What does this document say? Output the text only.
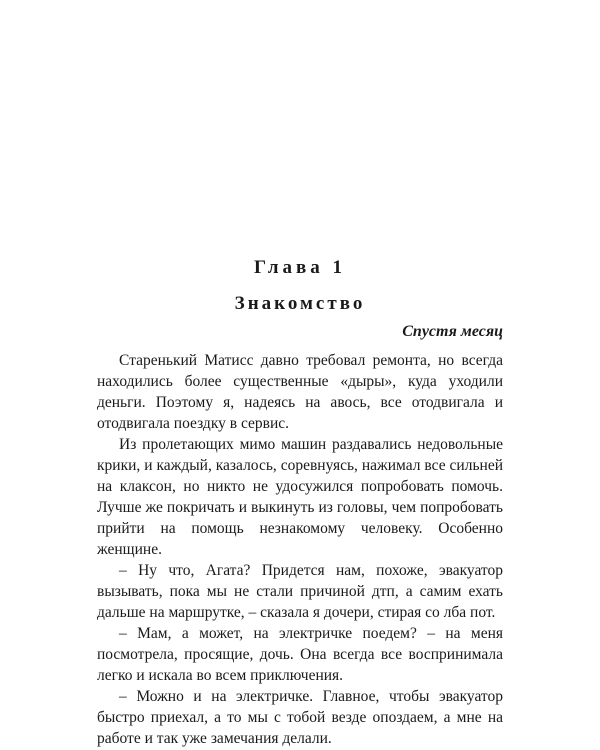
Глава 1
Знакомство
Спустя месяц

Старенький Матисс давно требовал ремонта, но всегда находились более существенные «дыры», куда уходили деньги. Поэтому я, надеясь на авось, все отодвигала и отодвигала поездку в сервис.

Из пролетающих мимо машин раздавались недовольные крики, и каждый, казалось, соревнуясь, нажимал все сильней на клаксон, но никто не удосужился попробовать помочь. Лучше же покричать и выкинуть из головы, чем попробовать прийти на помощь незнакомому человеку. Особенно женщине.

– Ну что, Агата? Придется нам, похоже, эвакуатор вызывать, пока мы не стали причиной дтп, а самим ехать дальше на маршрутке, – сказала я дочери, стирая со лба пот.

– Мам, а может, на электричке поедем? – на меня посмотрела, просящие, дочь. Она всегда все воспринимала легко и искала во всем приключения.

– Можно и на электричке. Главное, чтобы эвакуатор быстро приехал, а то мы с тобой везде опоздаем, а мне на работе и так уже замечания делали.
